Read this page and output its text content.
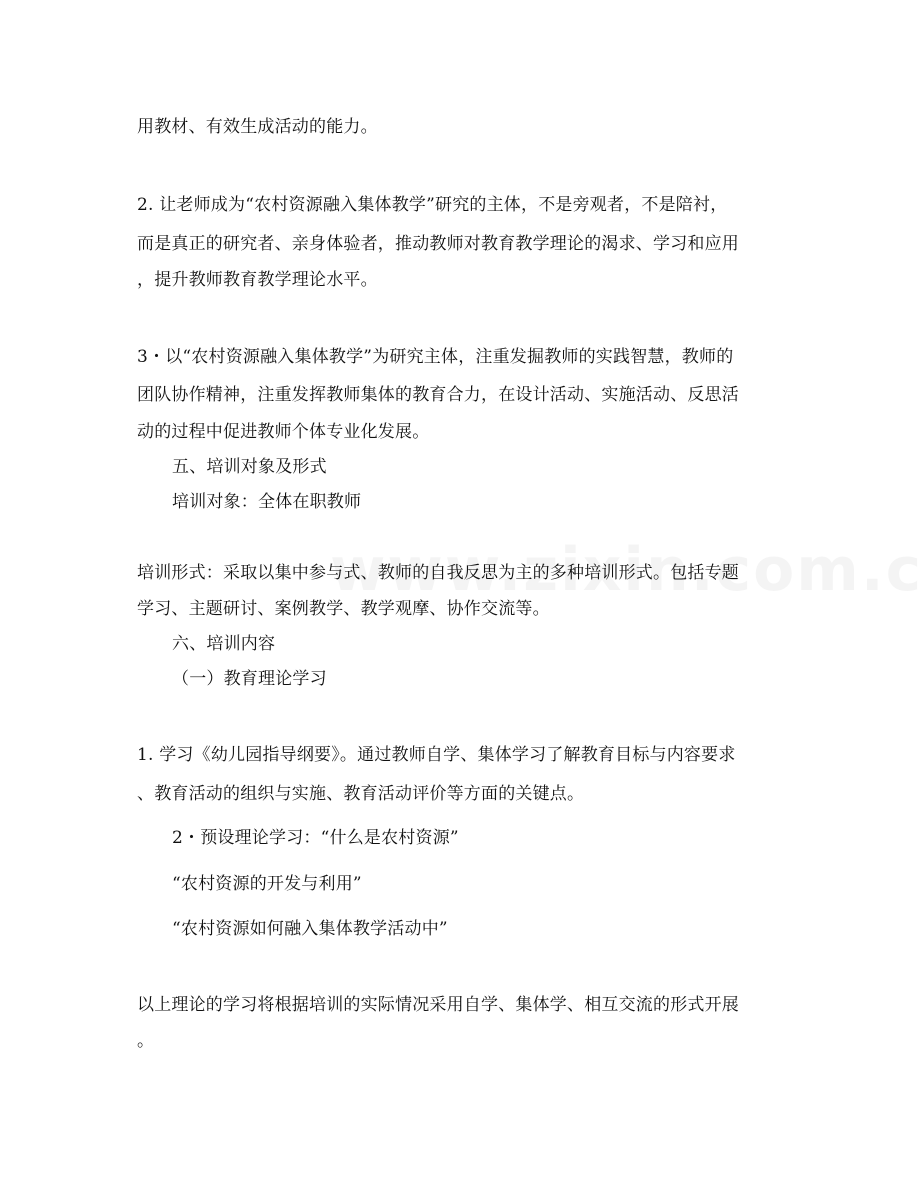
用教材、有效生成活动的能力。
2. 让老师成为“农村资源融入集体教学”研究的主体，不是旁观者，不是陪衬，
而是真正的研究者、亲身体验者，推动教师对教育教学理论的渴求、学习和应用
，提升教师教育教学理论水平。
3・以“农村资源融入集体教学”为研究主体，注重发掘教师的实践智慧，教师的
团队协作精神，注重发挥教师集体的教育合力，在设计活动、实施活动、反思活
动的过程中促进教师个体专业化发展。
五、培训对象及形式
培训对象：全体在职教师
培训形式：采取以集中参与式、教师的自我反思为主的多种培训形式。包括专题
学习、主题研讨、案例教学、教学观摩、协作交流等。
六、培训内容
（一）教育理论学习
1. 学习《幼儿园指导纲要》。通过教师自学、集体学习了解教育目标与内容要求
、教育活动的组织与实施、教育活动评价等方面的关键点。
2・预设理论学习：“什么是农村资源”
“农村资源的开发与利用”
“农村资源如何融入集体教学活动中”
以上理论的学习将根据培训的实际情况采用自学、集体学、相互交流的形式开展
。
